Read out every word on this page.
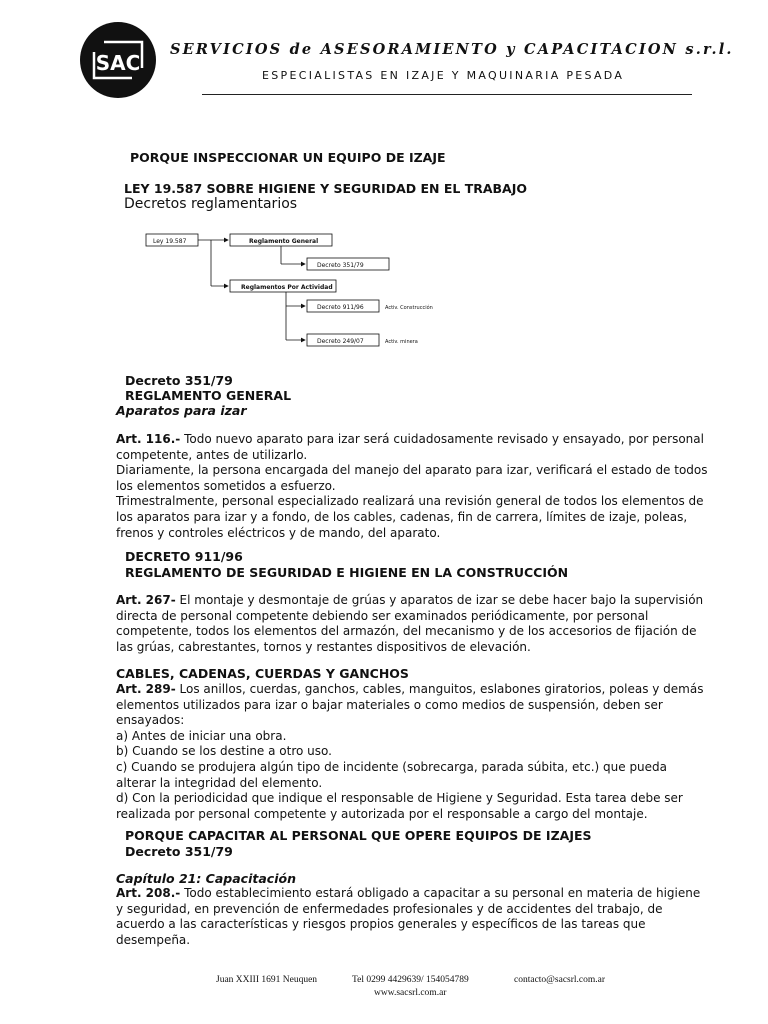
SAC
SERVICIOS de ASESORAMIENTO y CAPACITACION s.r.l.
ESPECIALISTAS EN IZAJE Y MAQUINARIA PESADA
PORQUE INSPECCIONAR UN EQUIPO DE IZAJE
LEY 19.587 SOBRE HIGIENE Y SEGURIDAD EN EL TRABAJO
Decretos reglamentarios
Ley 19.587	Reglamento General
Decreto 351/79
Reglamentos Por Actividad
Decreto 911/96	Activ. Construcción
Decreto 249/07	Activ. minera
Decreto 351/79
REGLAMENTO GENERAL
Aparatos para izar
Art. 116.- Todo nuevo aparato para izar será cuidadosamente revisado y ensayado, por personal
competente, antes de utilizarlo.
Diariamente, la persona encargada del manejo del aparato para izar, verificará el estado de todos
los elementos sometidos a esfuerzo.
Trimestralmente, personal especializado realizará una revisión general de todos los elementos de
los aparatos para izar y a fondo, de los cables, cadenas, fin de carrera, límites de izaje, poleas,
frenos y controles eléctricos y de mando, del aparato.
DECRETO 911/96
REGLAMENTO DE SEGURIDAD E HIGIENE EN LA CONSTRUCCIÓN
Art. 267- El montaje y desmontaje de grúas y aparatos de izar se debe hacer bajo la supervisión
directa de personal competente debiendo ser examinados periódicamente, por personal
competente, todos los elementos del armazón, del mecanismo y de los accesorios de fijación de
las grúas, cabrestantes, tornos y restantes dispositivos de elevación.
CABLES, CADENAS, CUERDAS Y GANCHOS
Art. 289- Los anillos, cuerdas, ganchos, cables, manguitos, eslabones giratorios, poleas y demás
elementos utilizados para izar o bajar materiales o como medios de suspensión, deben ser
ensayados:
a) Antes de iniciar una obra.
b) Cuando se los destine a otro uso.
c) Cuando se produjera algún tipo de incidente (sobrecarga, parada súbita, etc.) que pueda
alterar la integridad del elemento.
d) Con la periodicidad que indique el responsable de Higiene y Seguridad. Esta tarea debe ser
realizada por personal competente y autorizada por el responsable a cargo del montaje.
PORQUE CAPACITAR AL PERSONAL QUE OPERE EQUIPOS DE IZAJES
Decreto 351/79
Capítulo 21: Capacitación
Art. 208.- Todo establecimiento estará obligado a capacitar a su personal en materia de higiene
y seguridad, en prevención de enfermedades profesionales y de accidentes del trabajo, de
acuerdo a las características y riesgos propios generales y específicos de las tareas que
desempeña.
Juan XXIII 1691 Neuquen	Tel 0299 4429639/ 154054789	contacto@sacsrl.com.ar
www.sacsrl.com.ar
